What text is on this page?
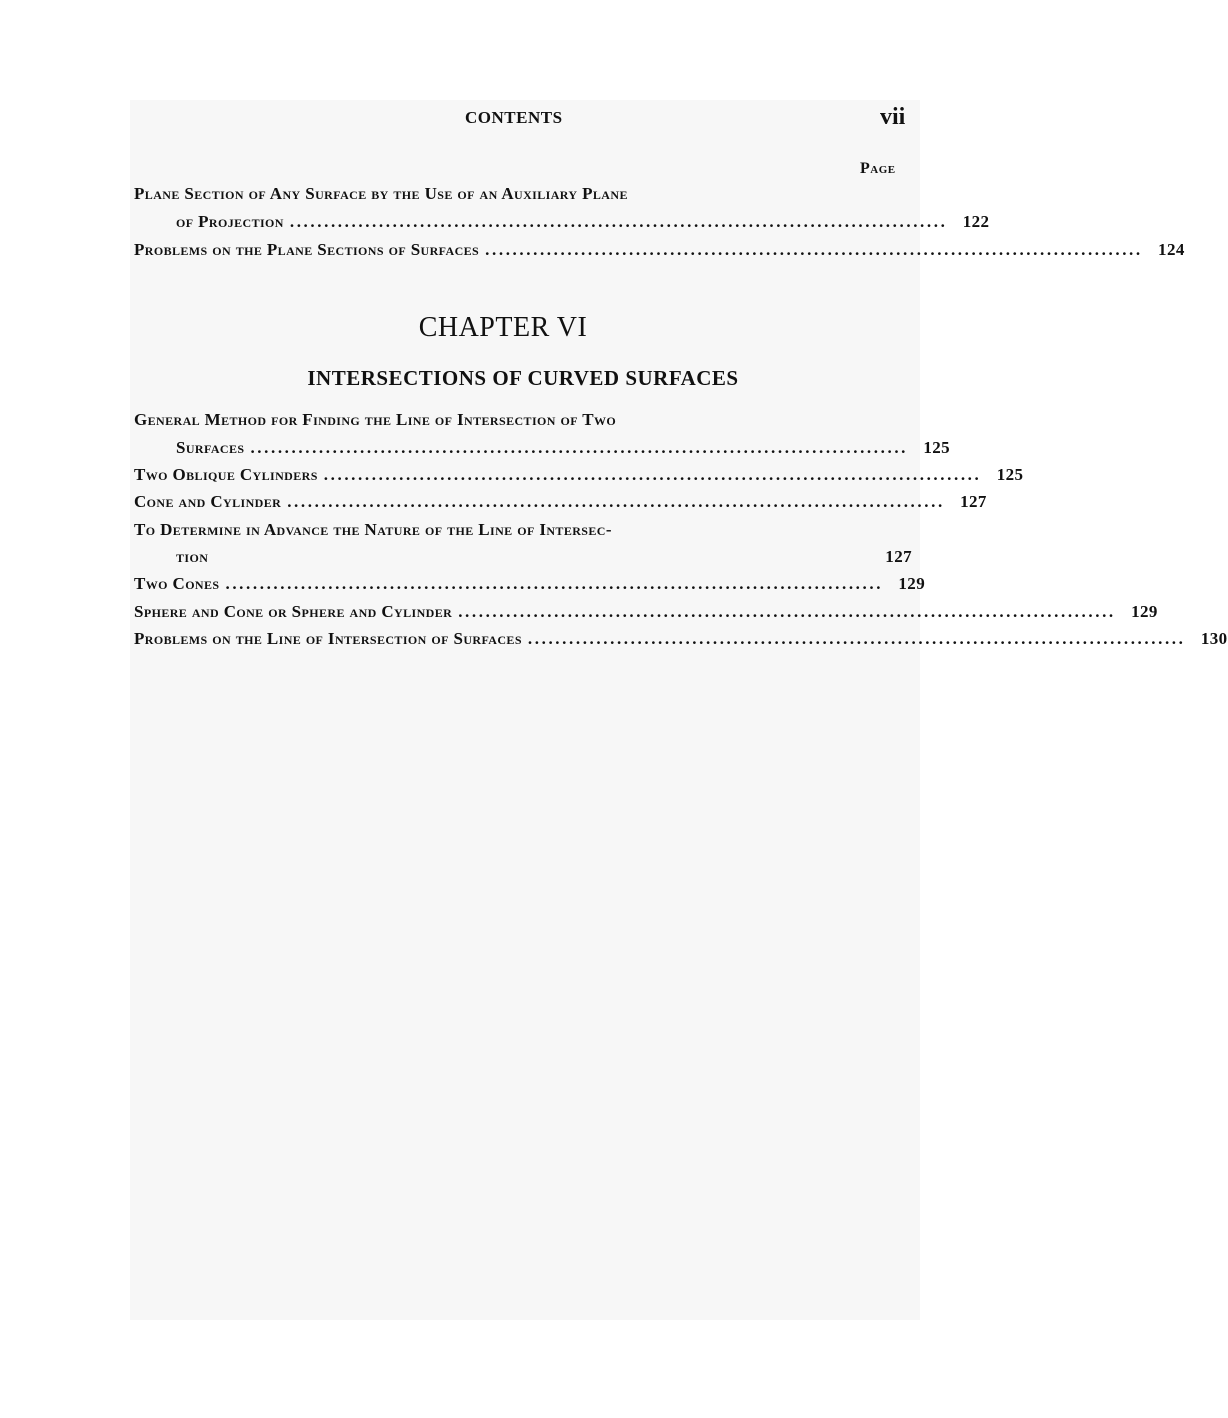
CONTENTS	vii
Page
Plane Section of Any Surface by the Use of an Auxiliary Plane
of Projection ................................................................................................ 122
Problems on the Plane Sections of Surfaces ................................................................................................ 124
CHAPTER VI
INTERSECTIONS OF CURVED SURFACES
General Method for Finding the Line of Intersection of Two
Surfaces ................................................................................................ 125
Two Oblique Cylinders ................................................................................................ 125
Cone and Cylinder ................................................................................................ 127
To Determine in Advance the Nature of the Line of Intersec-
tion	127
Two Cones ................................................................................................ 129
Sphere and Cone or Sphere and Cylinder ................................................................................................ 129
Problems on the Line of Intersection of Surfaces ................................................................................................ 130
